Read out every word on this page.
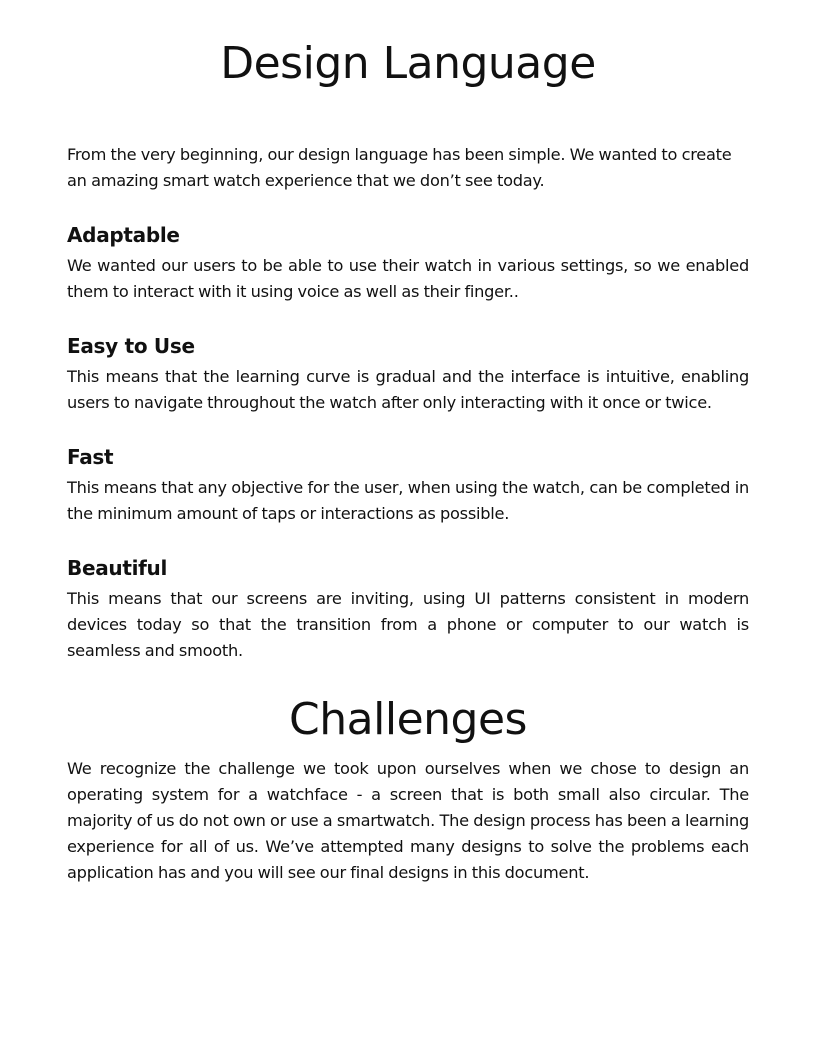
Design Language

From the very beginning, our design language has been simple. We wanted to create an amazing smart watch experience that we don’t see today.

Adaptable

We wanted our users to be able to use their watch in various settings, so we enabled them to interact with it using voice as well as their finger..

Easy to Use

This means that the learning curve is gradual and the interface is intuitive, enabling users to navigate throughout the watch after only interacting with it once or twice.

Fast

This means that any objective for the user, when using the watch, can be completed in the minimum amount of taps or interactions as possible.

Beautiful

This means that our screens are inviting, using UI patterns consistent in modern devices today so that the transition from a phone or computer to our watch is seamless and smooth.

Challenges

We recognize the challenge we took upon ourselves when we chose to design an operating system for a watchface - a screen that is both small also circular. The majority of us do not own or use a smartwatch. The design process has been a learning experience for all of us. We’ve attempted many designs to solve the problems each application has and you will see our final designs in this document.
